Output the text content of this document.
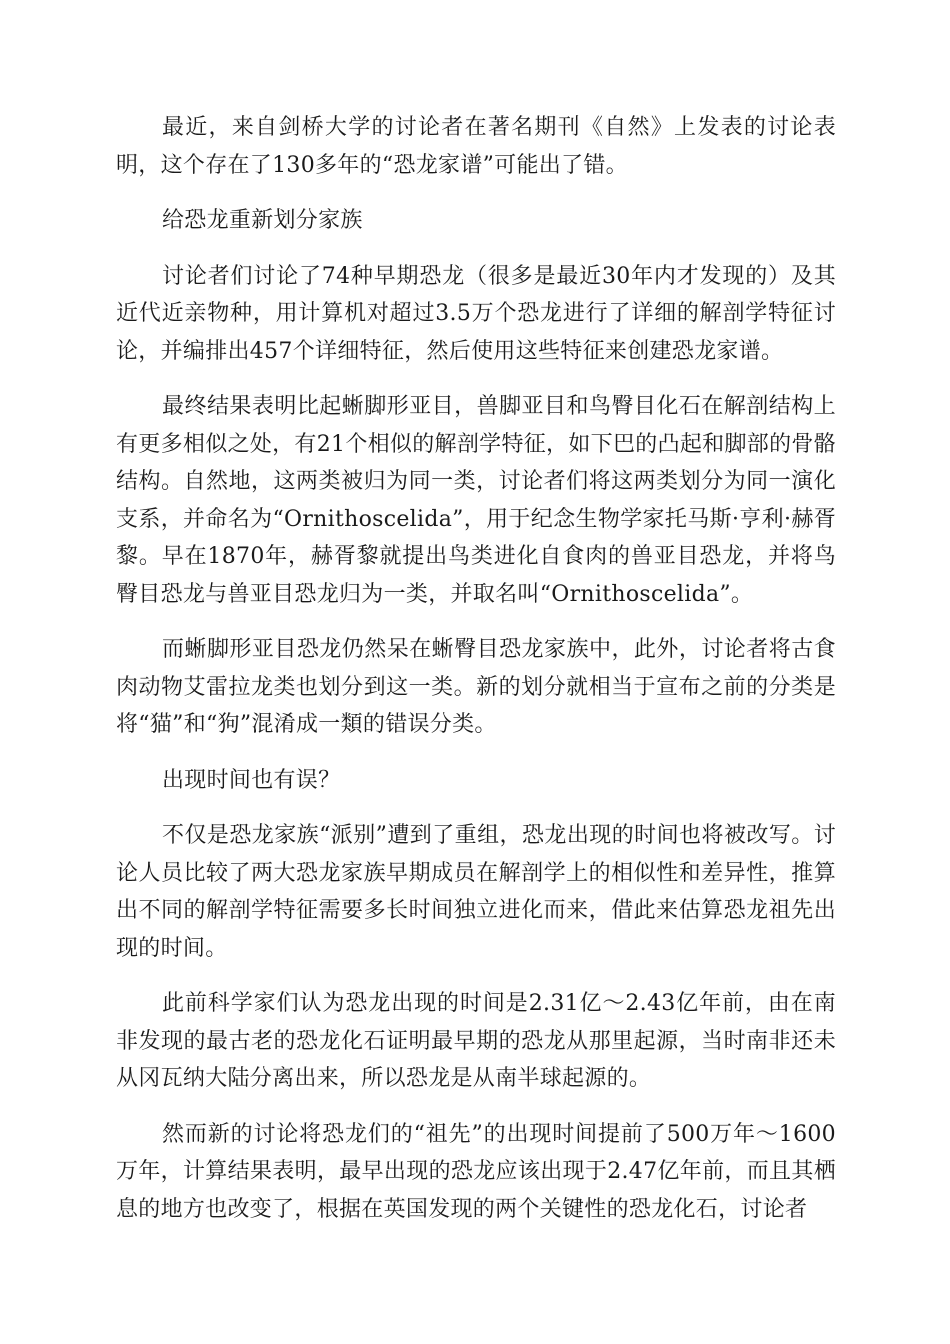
最近，来自剑桥大学的讨论者在著名期刊《自然》上发表的讨论表明，这个存在了130多年的“恐龙家谱”可能出了错。

给恐龙重新划分家族

讨论者们讨论了74种早期恐龙（很多是最近30年内才发现的）及其近代近亲物种，用计算机对超过3.5万个恐龙进行了详细的解剖学特征讨论，并编排出457个详细特征，然后使用这些特征来创建恐龙家谱。

最终结果表明比起蜥脚形亚目，兽脚亚目和鸟臀目化石在解剖结构上有更多相似之处，有21个相似的解剖学特征，如下巴的凸起和脚部的骨骼结构。自然地，这两类被归为同一类，讨论者们将这两类划分为同一演化支系，并命名为“Ornithoscelida”，用于纪念生物学家托马斯·亨利·赫胥黎。早在1870年，赫胥黎就提出鸟类进化自食肉的兽亚目恐龙，并将鸟臀目恐龙与兽亚目恐龙归为一类，并取名叫“Ornithoscelida”。

而蜥脚形亚目恐龙仍然呆在蜥臀目恐龙家族中，此外，讨论者将古食肉动物艾雷拉龙类也划分到这一类。新的划分就相当于宣布之前的分类是将“猫”和“狗”混淆成一類的错误分类。

出现时间也有误？

不仅是恐龙家族“派别”遭到了重组，恐龙出现的时间也将被改写。讨论人员比较了两大恐龙家族早期成员在解剖学上的相似性和差异性，推算出不同的解剖学特征需要多长时间独立进化而来，借此来估算恐龙祖先出现的时间。

此前科学家们认为恐龙出现的时间是2.31亿～2.43亿年前，由在南非发现的最古老的恐龙化石证明最早期的恐龙从那里起源，当时南非还未从冈瓦纳大陆分离出来，所以恐龙是从南半球起源的。

然而新的讨论将恐龙们的“祖先”的出现时间提前了500万年～1600万年，计算结果表明，最早出现的恐龙应该出现于2.47亿年前，而且其栖息的地方也改变了，根据在英国发现的两个关键性的恐龙化石，讨论者
